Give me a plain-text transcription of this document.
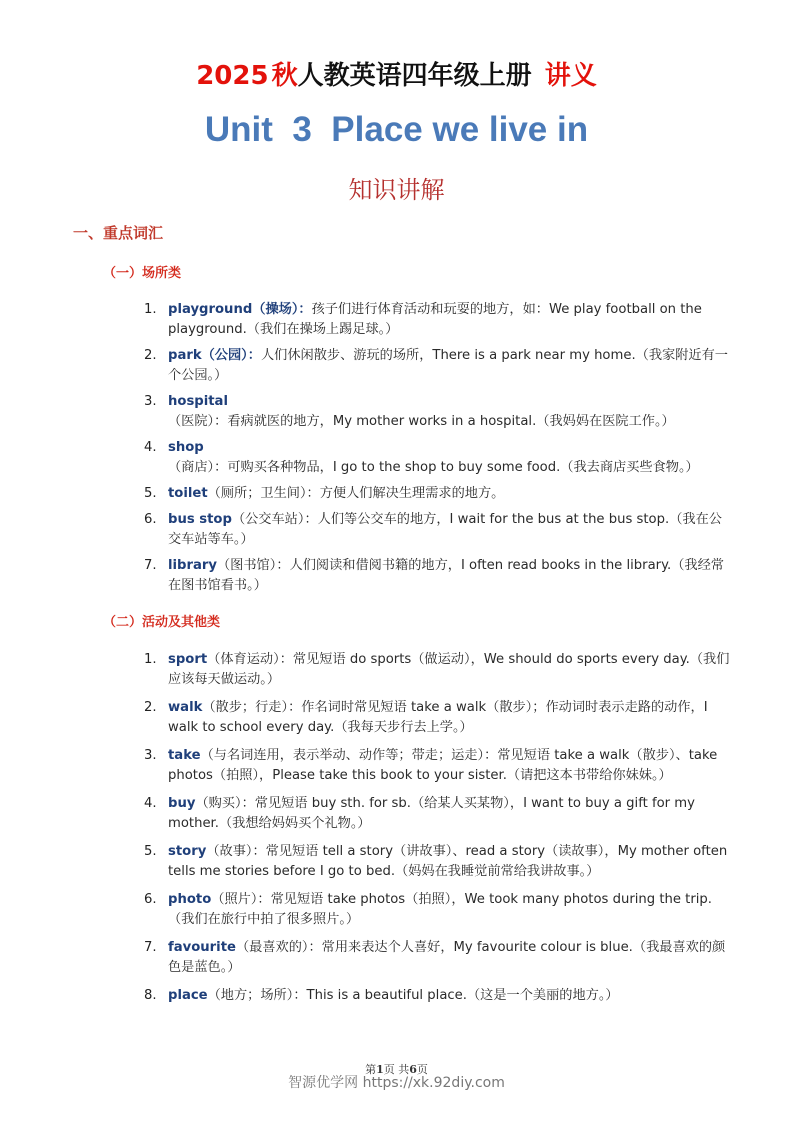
2025 秋人教英语四年级上册 讲义
Unit  3  Place we live in
知识讲解
一、重点词汇
（一）场所类
1. playground（操场）：孩子们进行体育活动和玩耍的地方，如：We play football on the playground.（我们在操场上踢足球。）
2. park（公园）：人们休闲散步、游玩的场所，There is a park near my home.（我家附近有一个公园。）
3. hospital（医院）：看病就医的地方，My mother works in a hospital.（我妈妈在医院工作。）
4. shop（商店）：可购买各种物品，I go to the shop to buy some food.（我去商店买些食物。）
5. toilet（厕所；卫生间）：方便人们解决生理需求的地方。
6. bus stop（公交车站）：人们等公交车的地方，I wait for the bus at the bus stop.（我在公交车站等车。）
7. library（图书馆）：人们阅读和借阅书籍的地方，I often read books in the library.（我经常在图书馆看书。）
（二）活动及其他类
1. sport（体育运动）：常见短语 do sports（做运动），We should do sports every day.（我们应该每天做运动。）
2. walk（散步；行走）：作名词时常见短语 take a walk（散步）；作动词时表示走路的动作，I walk to school every day.（我每天步行去上学。）
3. take（与名词连用，表示举动、动作等；带走；运走）：常见短语 take a walk（散步）、take photos（拍照），Please take this book to your sister.（请把这本书带给你妹妹。）
4. buy（购买）：常见短语 buy sth. for sb.（给某人买某物），I want to buy a gift for my mother.（我想给妈妈买个礼物。）
5. story（故事）：常见短语 tell a story（讲故事）、read a story（读故事），My mother often tells me stories before I go to bed.（妈妈在我睡觉前常给我讲故事。）
6. photo（照片）：常见短语 take photos（拍照），We took many photos during the trip.（我们在旅行中拍了很多照片。）
7. favourite（最喜欢的）：常用来表达个人喜好，My favourite colour is blue.（我最喜欢的颜色是蓝色。）
8. place（地方；场所）：This is a beautiful place.（这是一个美丽的地方。）
第1页 共6页
智源优学网 https://xk.92diy.com
